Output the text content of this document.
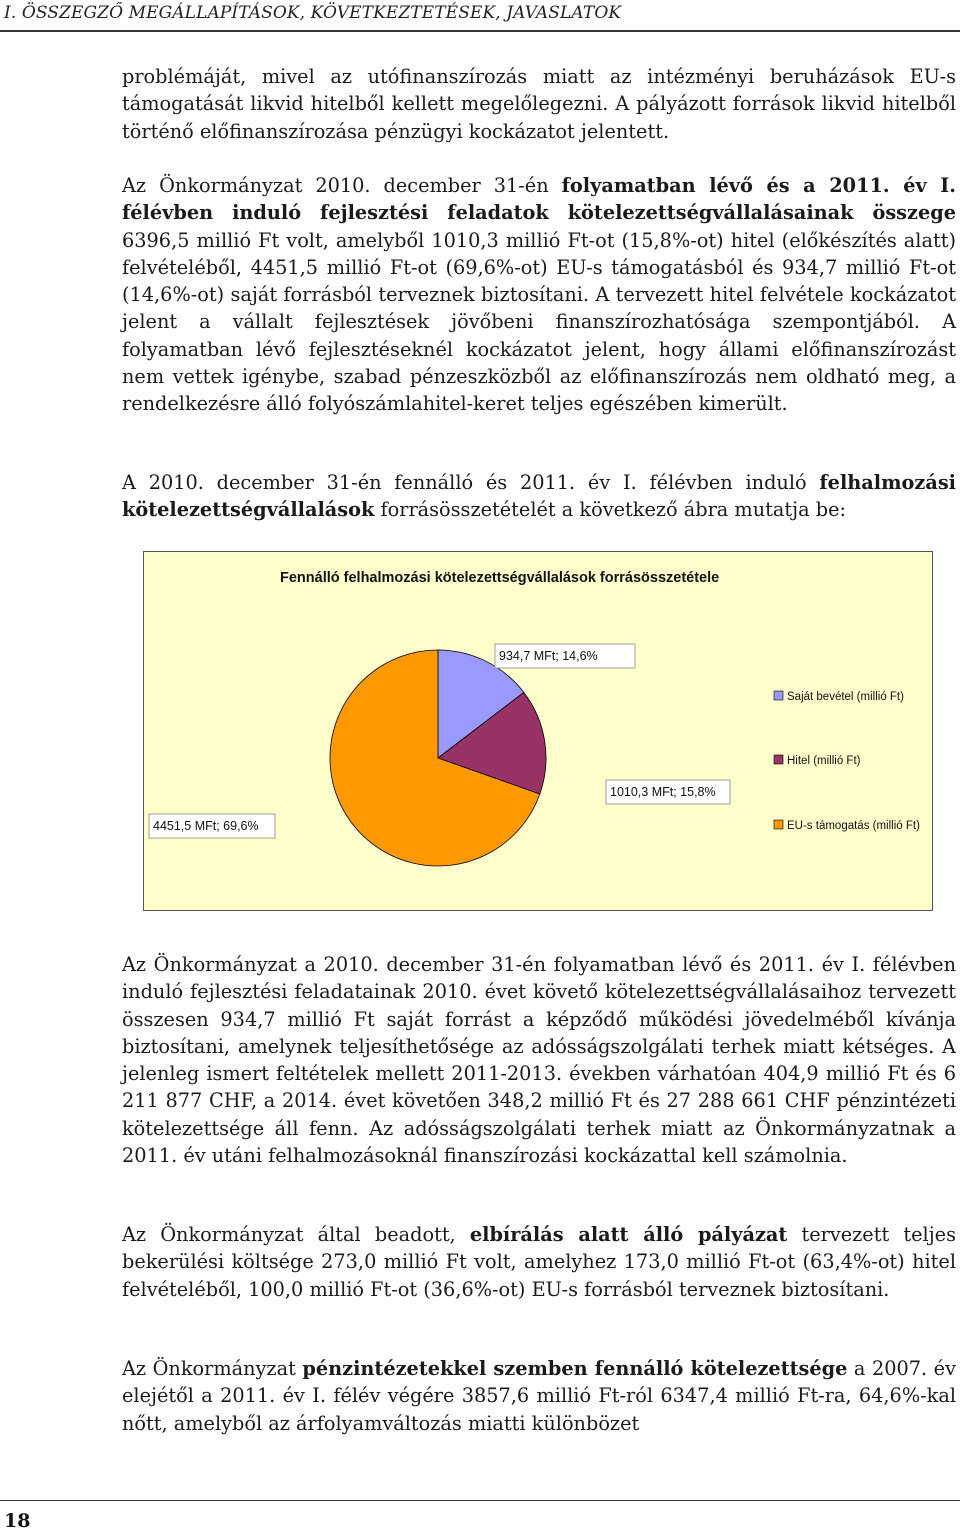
I. ÖSSZEGZŐ MEGÁLLAPÍTÁSOK, KÖVETKEZTETÉSEK, JAVASLATOK

problémáját, mivel az utófinanszírozás miatt az intézményi beruházások EU-s támogatását likvid hitelből kellett megelőlegezni. A pályázott források likvid hitelből történő előfinanszírozása pénzügyi kockázatot jelentett.

Az Önkormányzat 2010. december 31-én folyamatban lévő és a 2011. év I. félévben induló fejlesztési feladatok kötelezettségvállalásainak összege 6396,5 millió Ft volt, amelyből 1010,3 millió Ft-ot (15,8%-ot) hitel (előkészítés alatt) felvételéből, 4451,5 millió Ft-ot (69,6%-ot) EU-s támogatásból és 934,7 millió Ft-ot (14,6%-ot) saját forrásból terveznek biztosítani. A tervezett hitel felvétele kockázatot jelent a vállalt fejlesztések jövőbeni finanszírozhatósága szempontjából. A folyamatban lévő fejlesztéseknél kockázatot jelent, hogy állami előfinanszírozást nem vettek igénybe, szabad pénzeszközből az előfinanszírozás nem oldható meg, a rendelkezésre álló folyószámlahitel-keret teljes egészében kimerült.

A 2010. december 31-én fennálló és 2011. év I. félévben induló felhalmozási kötelezettségvállalások forrásösszetételét a következő ábra mutatja be:

Fennálló felhalmozási kötelezettségvállalások forrásösszetétele
934,7 MFt; 14,6%
1010,3 MFt; 15,8%
4451,5 MFt; 69,6%
Saját bevétel (millió Ft)
Hitel (millió Ft)
EU-s támogatás (millió Ft)

Az Önkormányzat a 2010. december 31-én folyamatban lévő és 2011. év I. félévben induló fejlesztési feladatainak 2010. évet követő kötelezettségvállalásaihoz tervezett összesen 934,7 millió Ft saját forrást a képződő működési jövedelméből kívánja biztosítani, amelynek teljesíthetősége az adósságszolgálati terhek miatt kétséges. A jelenleg ismert feltételek mellett 2011-2013. években várhatóan 404,9 millió Ft és 6 211 877 CHF, a 2014. évet követően 348,2 millió Ft és 27 288 661 CHF pénzintézeti kötelezettsége áll fenn. Az adósságszolgálati terhek miatt az Önkormányzatnak a 2011. év utáni felhalmozásoknál finanszírozási kockázattal kell számolnia.

Az Önkormányzat által beadott, elbírálás alatt álló pályázat tervezett teljes bekerülési költsége 273,0 millió Ft volt, amelyhez 173,0 millió Ft-ot (63,4%-ot) hitel felvételéből, 100,0 millió Ft-ot (36,6%-ot) EU-s forrásból terveznek biztosítani.

Az Önkormányzat pénzintézetekkel szemben fennálló kötelezettsége a 2007. év elejétől a 2011. év I. félév végére 3857,6 millió Ft-ról 6347,4 millió Ft-ra, 64,6%-kal nőtt, amelyből az árfolyamváltozás miatti különbözet

18
